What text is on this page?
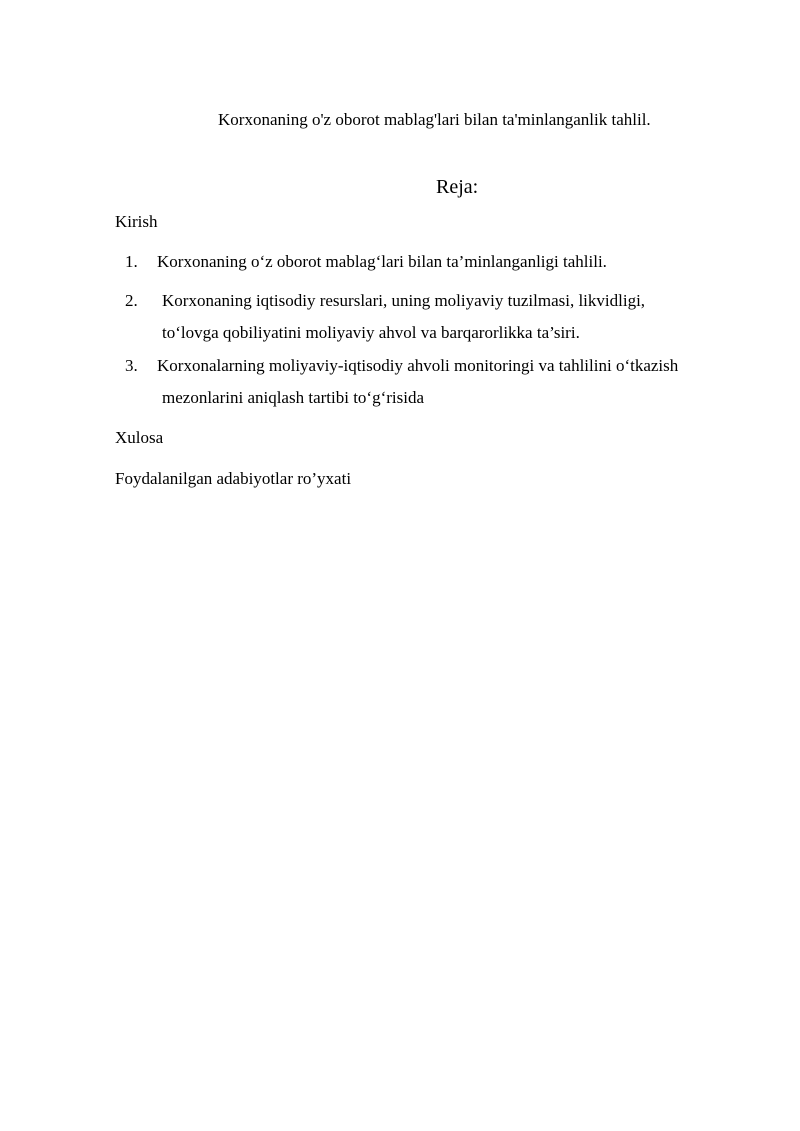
Korxonaning o'z oborot mablag'lari bilan ta'minlanganlik tahlil.
Reja:
Kirish
1. Korxonaning o‘z oborot mablag‘lari bilan ta’minlanganligi tahlili.
2. Korxonaning iqtisodiy resurslari, uning moliyaviy tuzilmasi, likvidligi,
to‘lovga qobiliyatini moliyaviy ahvol va barqarorlikka ta’siri.
3. Korxonalarning moliyaviy-iqtisodiy ahvoli monitoringi va tahlilini o‘tkazish
mezonlarini aniqlash tartibi to‘g‘risida
Xulosa
Foydalanilgan adabiyotlar ro’yxati
